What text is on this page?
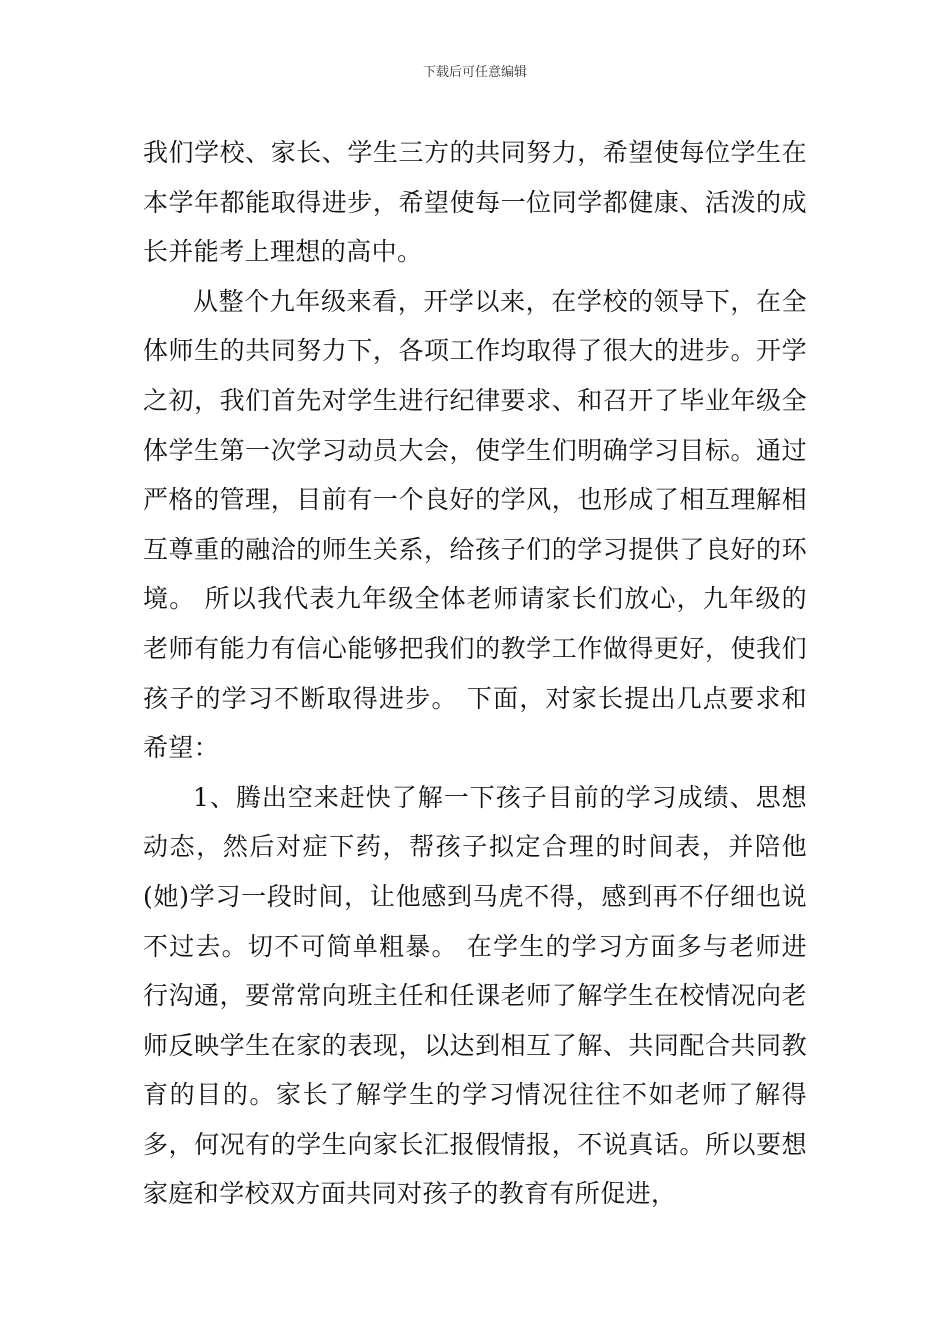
下载后可任意编辑

我们学校、家长、学生三方的共同努力，希望使每位学生在本学年都能取得进步，希望使每一位同学都健康、活泼的成长并能考上理想的高中。

从整个九年级来看，开学以来，在学校的领导下，在全体师生的共同努力下，各项工作均取得了很大的进步。开学之初，我们首先对学生进行纪律要求、和召开了毕业年级全体学生第一次学习动员大会，使学生们明确学习目标。通过严格的管理，目前有一个良好的学风，也形成了相互理解相互尊重的融洽的师生关系，给孩子们的学习提供了良好的环境。 所以我代表九年级全体老师请家长们放心，九年级的老师有能力有信心能够把我们的教学工作做得更好，使我们孩子的学习不断取得进步。 下面，对家长提出几点要求和希望：

1、腾出空来赶快了解一下孩子目前的学习成绩、思想动态，然后对症下药，帮孩子拟定合理的时间表，并陪他(她)学习一段时间，让他感到马虎不得，感到再不仔细也说不过去。切不可简单粗暴。 在学生的学习方面多与老师进行沟通，要常常向班主任和任课老师了解学生在校情况向老师反映学生在家的表现，以达到相互了解、共同配合共同教育的目的。家长了解学生的学习情况往往不如老师了解得多，何况有的学生向家长汇报假情报，不说真话。所以要想家庭和学校双方面共同对孩子的教育有所促进，
